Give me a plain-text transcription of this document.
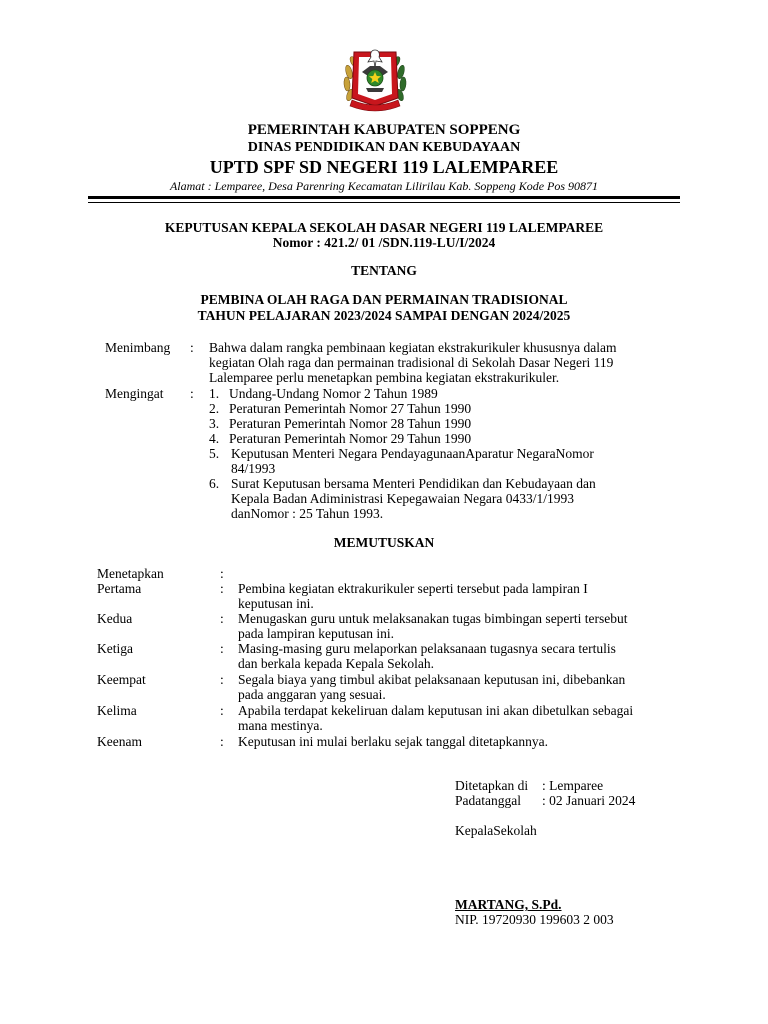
PEMERINTAH KABUPATEN SOPPENG
DINAS PENDIDIKAN DAN KEBUDAYAAN
UPTD SPF SD NEGERI 119 LALEMPAREE
Alamat : Lemparee, Desa Parenring Kecamatan Lilirilau Kab. Soppeng Kode Pos 90871
KEPUTUSAN KEPALA SEKOLAH DASAR NEGERI 119 LALEMPAREE
Nomor : 421.2/ 01 /SDN.119-LU/I/2024
TENTANG
PEMBINA OLAH RAGA DAN PERMAINAN TRADISIONAL
TAHUN PELAJARAN 2023/2024 SAMPAI DENGAN 2024/2025
Menimbang : Bahwa dalam rangka pembinaan kegiatan ekstrakurikuler khususnya dalam
kegiatan Olah raga dan permainan tradisional di Sekolah Dasar Negeri 119
Lalemparee perlu menetapkan pembina kegiatan ekstrakurikuler.
Mengingat : 1. Undang-Undang Nomor 2 Tahun 1989
2. Peraturan Pemerintah Nomor 27 Tahun 1990
3. Peraturan Pemerintah Nomor 28 Tahun 1990
4. Peraturan Pemerintah Nomor 29 Tahun 1990
5. Keputusan Menteri Negara PendayagunaanAparatur NegaraNomor
84/1993
6. Surat Keputusan bersama Menteri Pendidikan dan Kebudayaan dan
Kepala Badan Adiministrasi Kepegawaian Negara 0433/1/1993
danNomor : 25 Tahun 1993.
MEMUTUSKAN
Menetapkan	:
Pertama	: Pembina kegiatan ektrakurikuler seperti tersebut pada lampiran I
keputusan ini.
Kedua	: Menugaskan guru untuk melaksanakan tugas bimbingan seperti tersebut
pada lampiran keputusan ini.
Ketiga	: Masing-masing guru melaporkan pelaksanaan tugasnya secara tertulis
dan berkala kepada Kepala Sekolah.
Keempat	: Segala biaya yang timbul akibat pelaksanaan keputusan ini, dibebankan
pada anggaran yang sesuai.
Kelima	: Apabila terdapat kekeliruan dalam keputusan ini akan dibetulkan sebagai
mana mestinya.
Keenam	: Keputusan ini mulai berlaku sejak tanggal ditetapkannya.
Ditetapkan di : Lemparee
Padatanggal : 02 Januari 2024
KepalaSekolah
MARTANG, S.Pd.
NIP. 19720930 199603 2 003
